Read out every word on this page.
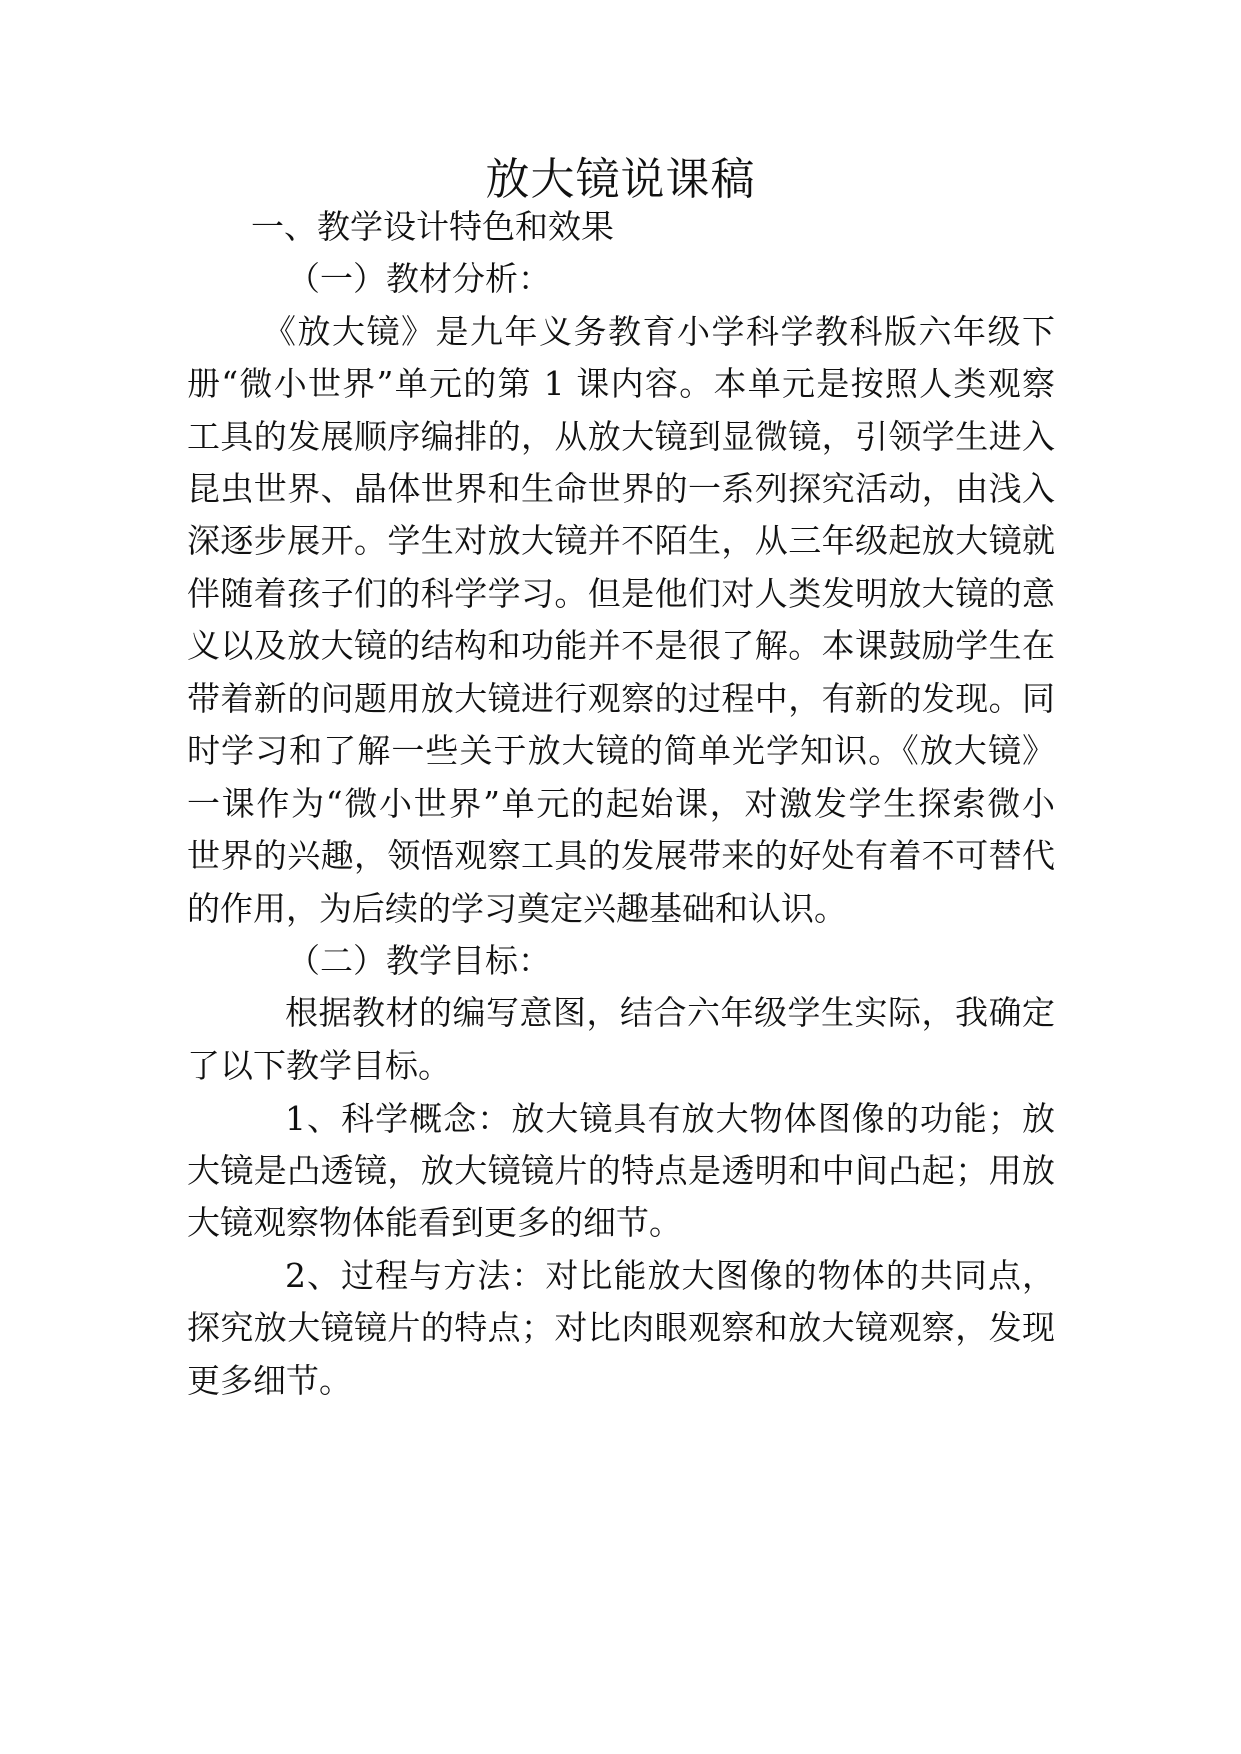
放大镜说课稿

一、教学设计特色和效果

（一）教材分析：

《放大镜》是九年义务教育小学科学教科版六年级下

册“微小世界”单元的第 1 课内容。本单元是按照人类观察

工具的发展顺序编排的，从放大镜到显微镜，引领学生进入

昆虫世界、晶体世界和生命世界的一系列探究活动，由浅入

深逐步展开。学生对放大镜并不陌生，从三年级起放大镜就

伴随着孩子们的科学学习。但是他们对人类发明放大镜的意

义以及放大镜的结构和功能并不是很了解。本课鼓励学生在

带着新的问题用放大镜进行观察的过程中，有新的发现。同

时学习和了解一些关于放大镜的简单光学知识。《放大镜》

一课作为“微小世界”单元的起始课，对激发学生探索微小

世界的兴趣，领悟观察工具的发展带来的好处有着不可替代

的作用，为后续的学习奠定兴趣基础和认识。

（二）教学目标：

根据教材的编写意图，结合六年级学生实际，我确定

了以下教学目标。

1、科学概念：放大镜具有放大物体图像的功能；放

大镜是凸透镜，放大镜镜片的特点是透明和中间凸起；用放

大镜观察物体能看到更多的细节。

2、过程与方法：对比能放大图像的物体的共同点，

探究放大镜镜片的特点；对比肉眼观察和放大镜观察，发现

更多细节。
